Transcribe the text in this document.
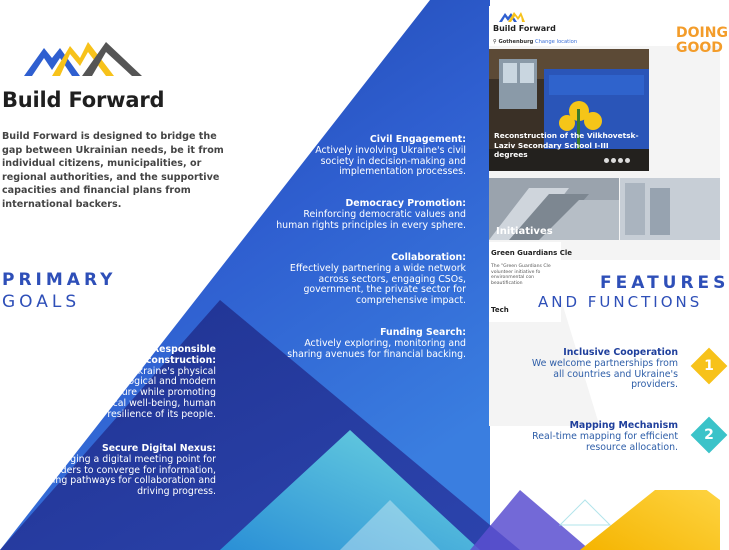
Build Forward
Build Forward is designed to bridge the gap between Ukrainian needs, be it from individual citizens, municipalities, or regional authorities, and the supportive capacities and financial plans from international backers.
PRIMARY
GOALS
Civil Engagement:
Actively involving Ukraine's civil
society in decision-making and
implementation processes.
Democracy Promotion:
Reinforcing democratic values and
human rights principles in every sphere.
Collaboration:
Effectively partnering a wide network
across sectors, engaging CSOs,
government, the private sector for
comprehensive impact.
Funding Search:
Actively exploring, monitoring and
sharing avenues for financial backing.
Responsible
Reconstruction:
Enhancing Ukraine's physical
ecological and modern
infrastructure while promoting
the psychological well-being, human
rights, and resilience of its people.
Secure Digital Nexus:
Forging a digital meeting point for
stakeholders to converge for information,
shaping pathways for collaboration and
driving progress.
Build Forward
⚲ Gothenburg Change location
Reconstruction of the Vilkhovetsk-Laziv Secondary School I-III degrees
Initiatives
Green Guardians Cle
The "Green Guardians Cle volunteer initiative fo environmental con beautification
Tech
DOING
GOOD
FEATURES
AND FUNCTIONS
Inclusive Cooperation
We welcome partnerships from
all countries and Ukraine's
providers.
1
Mapping Mechanism
Real-time mapping for efficient
resource allocation.
2
